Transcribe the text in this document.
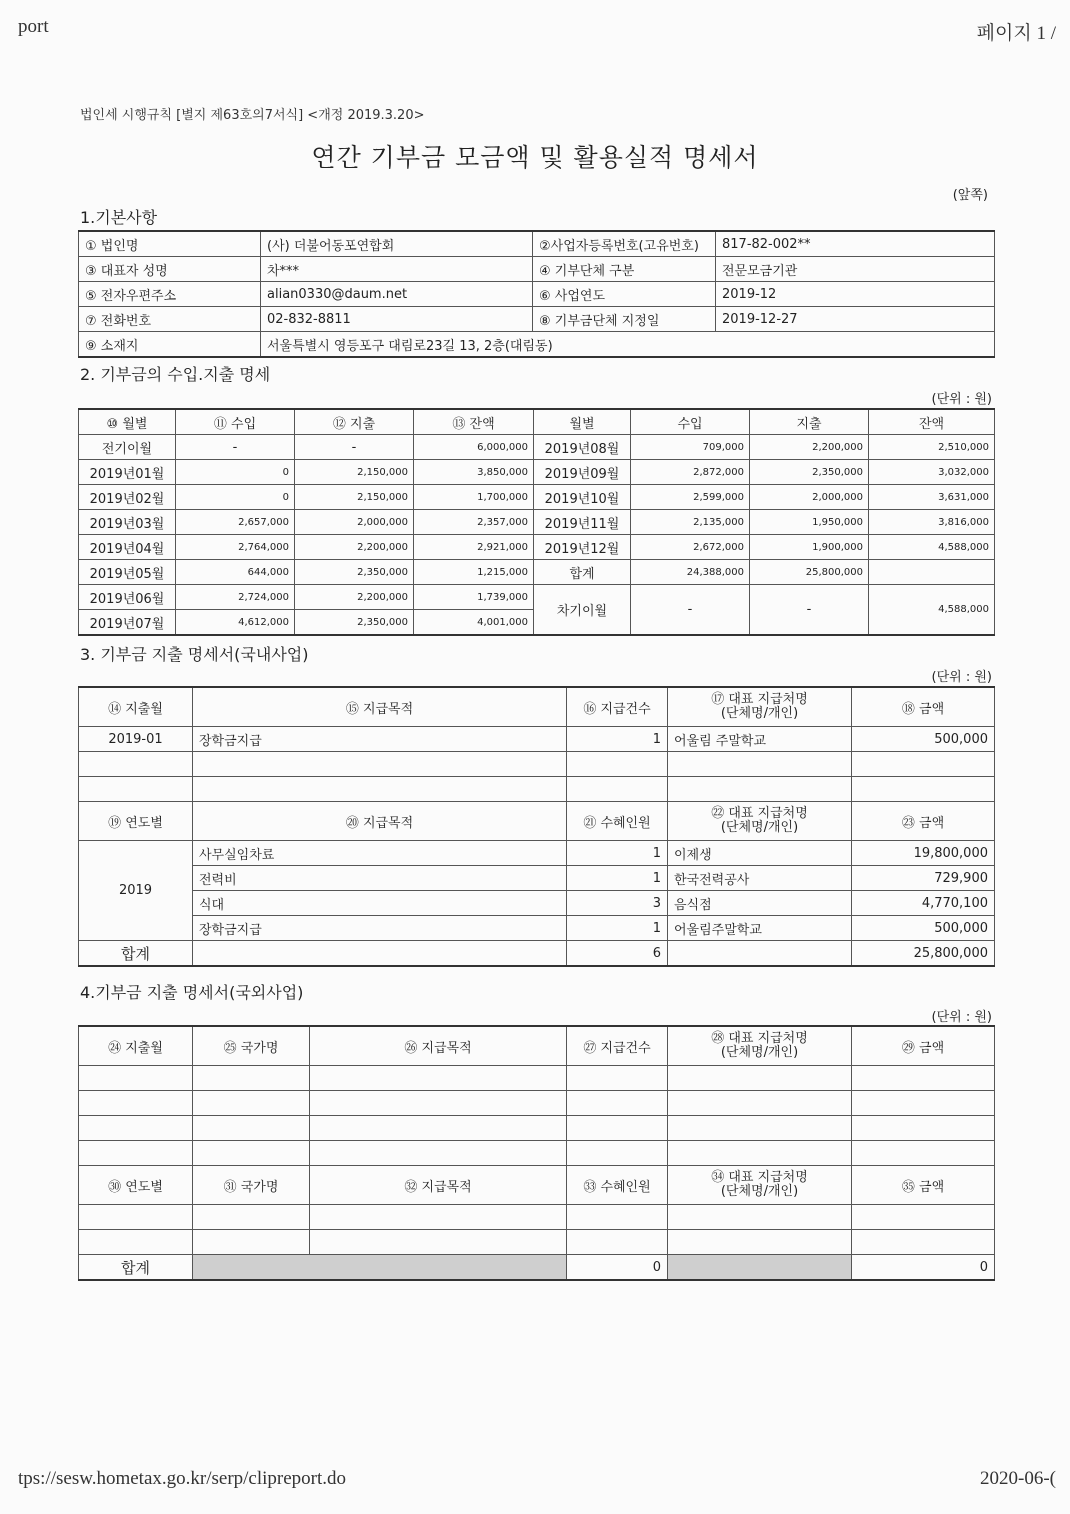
port	페이지 1 /
법인세 시행규칙 [별지 제63호의7서식] <개정 2019.3.20>
연간 기부금 모금액 및 활용실적 명세서
(앞쪽)
1.기본사항
① 법인명	(사) 더불어동포연합회	②사업자등록번호(고유번호)	817-82-002**
③ 대표자 성명	차***	④ 기부단체 구분	전문모금기관
⑤ 전자우편주소	alian0330@daum.net	⑥ 사업연도	2019-12
⑦ 전화번호	02-832-8811	⑧ 기부금단체 지정일	2019-12-27
⑨ 소재지	서울특별시 영등포구 대림로23길 13, 2층(대림동)		
2. 기부금의 수입.지출 명세
(단위 : 원)
⑩ 월별	⑪ 수입	⑫ 지출	⑬ 잔액	월별	수입	지출	잔액
전기이월	-	-	6,000,000	2019년08월	709,000	2,200,000	2,510,000
2019년01월	0	2,150,000	3,850,000	2019년09월	2,872,000	2,350,000	3,032,000
2019년02월	0	2,150,000	1,700,000	2019년10월	2,599,000	2,000,000	3,631,000
2019년03월	2,657,000	2,000,000	2,357,000	2019년11월	2,135,000	1,950,000	3,816,000
2019년04월	2,764,000	2,200,000	2,921,000	2019년12월	2,672,000	1,900,000	4,588,000
2019년05월	644,000	2,350,000	1,215,000	합계	24,388,000	25,800,000	
2019년06월	2,724,000	2,200,000	1,739,000	차기이월	-	-	4,588,000
2019년07월	4,612,000	2,350,000	4,001,000				
3. 기부금 지출 명세서(국내사업)
(단위 : 원)
⑭ 지출월	⑮ 지급목적	⑯ 지급건수	⑰ 대표 지급처명
(단체명/개인)	⑱ 금액
2019-01	장학금지급	1	어울림 주말학교	500,000

⑲ 연도별	⑳ 지급목적	㉑ 수혜인원	㉒ 대표 지급처명
(단체명/개인)	㉓ 금액
2019	사무실임차료	1	이제생	19,800,000
	전력비	1	한국전력공사	729,900
	식대	3	음식점	4,770,100
	장학금지급	1	어울림주말학교	500,000
합계		6		25,800,000
4.기부금 지출 명세서(국외사업)
(단위 : 원)
㉔ 지출월	㉕ 국가명	㉖ 지급목적	㉗ 지급건수	㉘ 대표 지급처명
(단체명/개인)	㉙ 금액

㉚ 연도별	㉛ 국가명	㉜ 지급목적	㉝ 수혜인원	㉞ 대표 지급처명
(단체명/개인)	㉟ 금액

합계			0		0
tps://sesw.hometax.go.kr/serp/clipreport.do	2020-06-(
